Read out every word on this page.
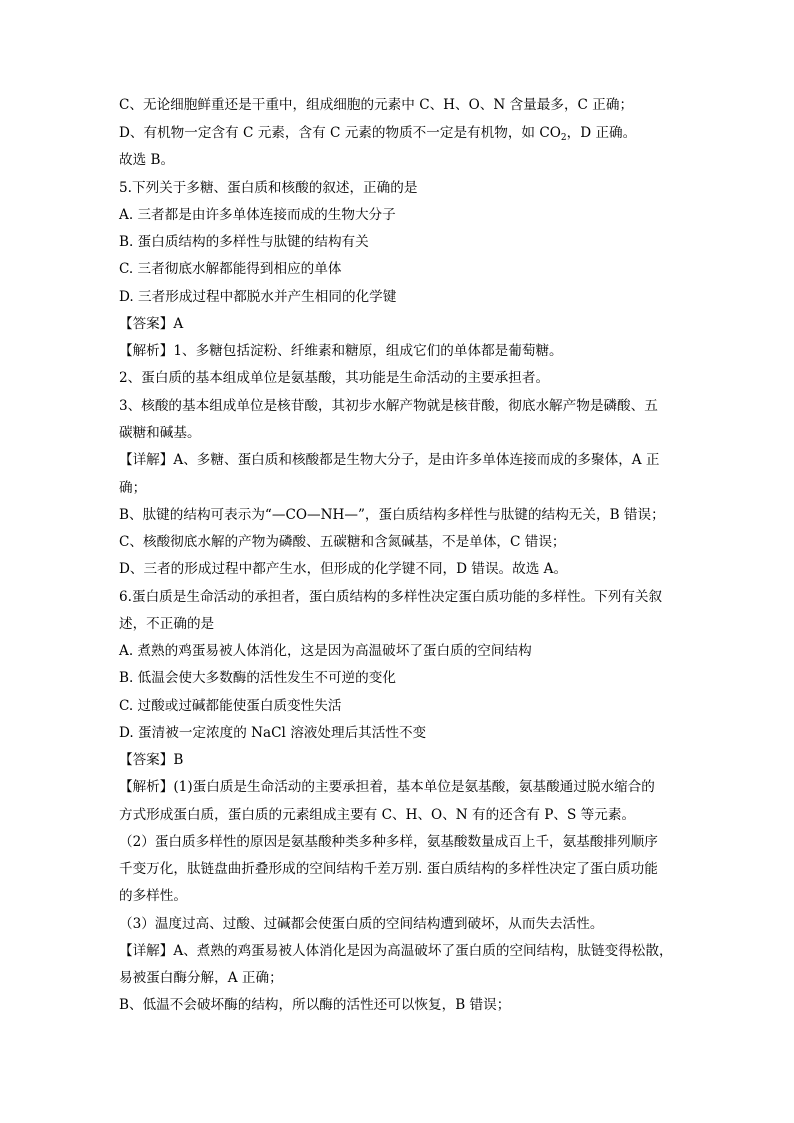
C、无论细胞鲜重还是干重中，组成细胞的元素中 C、H、O、N 含量最多，C 正确；
D、有机物一定含有 C 元素，含有 C 元素的物质不一定是有机物，如 $CO_2$，D 正确。
故选 B。
5.下列关于多糖、蛋白质和核酸的叙述，正确的是
A. 三者都是由许多单体连接而成的生物大分子
B. 蛋白质结构的多样性与肽键的结构有关
C. 三者彻底水解都能得到相应的单体
D. 三者形成过程中都脱水并产生相同的化学键
【答案】A
【解析】1、多糖包括淀粉、纤维素和糖原，组成它们的单体都是葡萄糖。
2、蛋白质的基本组成单位是氨基酸，其功能是生命活动的主要承担者。
3、核酸的基本组成单位是核苷酸，其初步水解产物就是核苷酸，彻底水解产物是磷酸、五
碳糖和碱基。
【详解】A、多糖、蛋白质和核酸都是生物大分子，是由许多单体连接而成的多聚体，A 正
确；
B、肽键的结构可表示为“—CO—NH—”，蛋白质结构多样性与肽键的结构无关，B 错误；
C、核酸彻底水解的产物为磷酸、五碳糖和含氮碱基，不是单体，C 错误；
D、三者的形成过程中都产生水，但形成的化学键不同，D 错误。故选 A。
6.蛋白质是生命活动的承担者，蛋白质结构的多样性决定蛋白质功能的多样性。下列有关叙
述，不正确的是
A. 煮熟的鸡蛋易被人体消化，这是因为高温破坏了蛋白质的空间结构
B. 低温会使大多数酶的活性发生不可逆的变化
C. 过酸或过碱都能使蛋白质变性失活
D. 蛋清被一定浓度的 NaCl 溶液处理后其活性不变
【答案】B
【解析】(1)蛋白质是生命活动的主要承担着，基本单位是氨基酸，氨基酸通过脱水缩合的
方式形成蛋白质，蛋白质的元素组成主要有 C、H、O、N 有的还含有 P、S 等元素。
（2）蛋白质多样性的原因是氨基酸种类多种多样，氨基酸数量成百上千，氨基酸排列顺序
千变万化，肽链盘曲折叠形成的空间结构千差万别. 蛋白质结构的多样性决定了蛋白质功能
的多样性。
（3）温度过高、过酸、过碱都会使蛋白质的空间结构遭到破坏，从而失去活性。
【详解】A、煮熟的鸡蛋易被人体消化是因为高温破坏了蛋白质的空间结构，肽链变得松散，
易被蛋白酶分解，A 正确；
B、低温不会破坏酶的结构，所以酶的活性还可以恢复，B 错误；
